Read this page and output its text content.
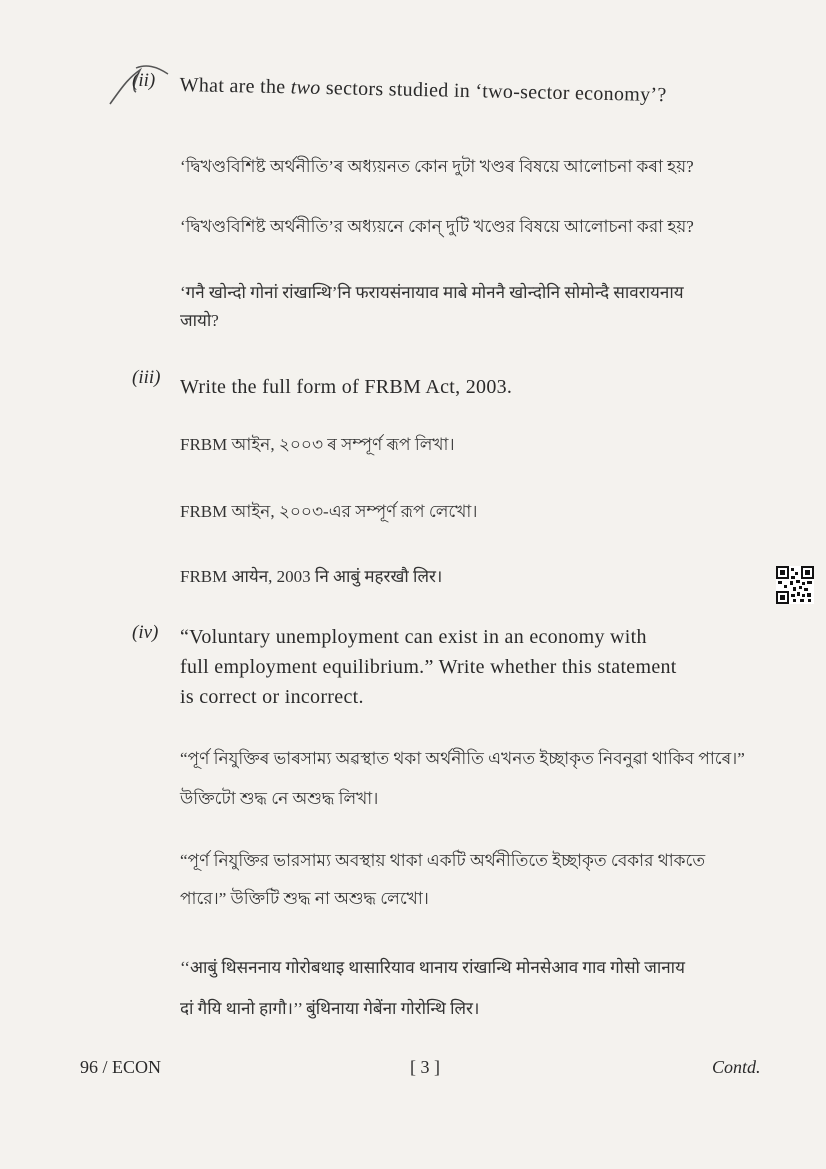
(ii) What are the two sectors studied in ‘two-sector economy’?
‘দ্বিখণ্ডবিশিষ্ট অৰ্থনীতি’ৰ অধ্যয়নত কোন দুটা খণ্ডৰ বিষয়ে আলোচনা কৰা হয়?
‘দ্বিখণ্ডবিশিষ্ট অর্থনীতি’র অধ্যয়নে কোন্ দুটি খণ্ডের বিষয়ে আলোচনা করা হয়?
‘गनै खोन्दो गोनां रांखान्थि’नि फरायसंनायाव माबे मोननै खोन्दोनि सोमोन्दै सावरायनाय
जायो?
(iii) Write the full form of FRBM Act, 2003.
FRBM আইন, ২০০৩ ৰ সম্পূৰ্ণ ৰূপ লিখা।
FRBM আইন, ২০০৩-এর সম্পূর্ণ রূপ লেখো।
FRBM आयेन, 2003 नि आबुं महरखौ लिर।
(iv) “Voluntary unemployment can exist in an economy with
full employment equilibrium.” Write whether this statement
is correct or incorrect.
“পূৰ্ণ নিযুক্তিৰ ভাৰসাম্য অৱস্থাত থকা অৰ্থনীতি এখনত ইচ্ছাকৃত নিবনুৱা থাকিব পাৰে।”
উক্তিটো শুদ্ধ নে অশুদ্ধ লিখা।
“পূর্ণ নিযুক্তির ভারসাম্য অবস্থায় থাকা একটি অর্থনীতিতে ইচ্ছাকৃত বেকার থাকতে
পারে।” উক্তিটি শুদ্ধ না অশুদ্ধ লেখো।
‘‘आबुं थिसननाय गोरोबथाइ थासारियाव थानाय रांखान्थि मोनसेआव गाव गोसो जानाय
दां गैयि थानो हागौ।’’ बुंथिनाया गेबेंना गोरोन्थि लिर।
96 / ECON	[ 3 ]	Contd.
